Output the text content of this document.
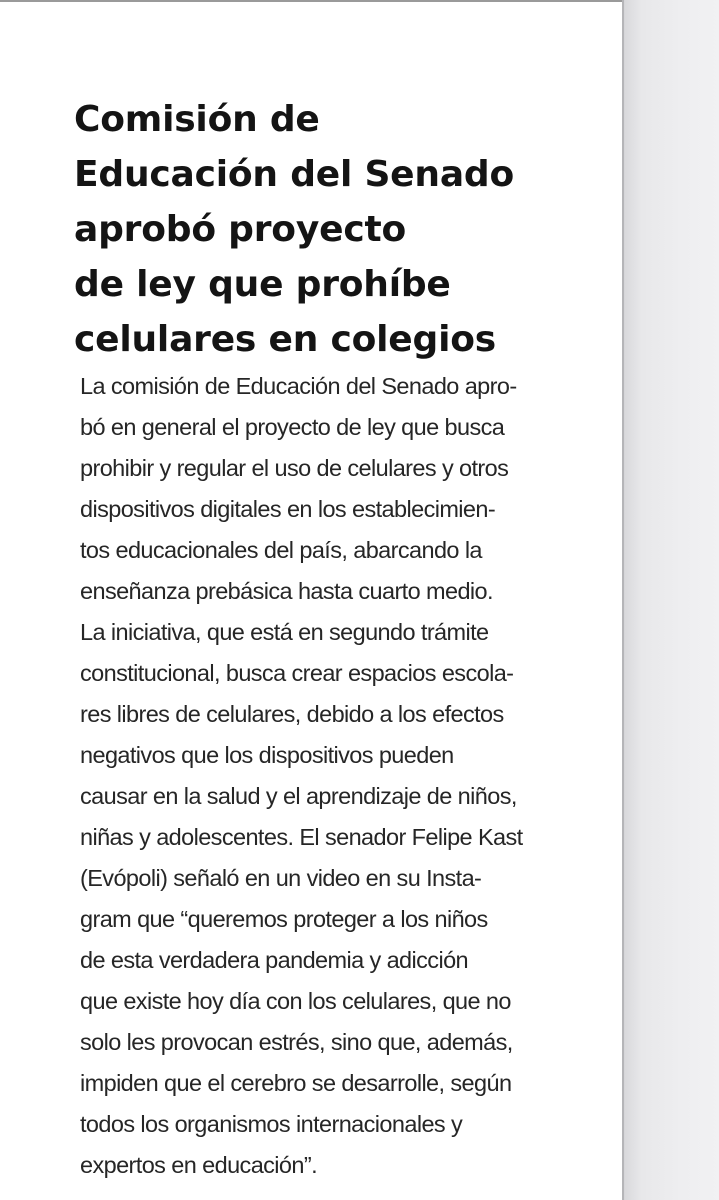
Comisión de
Educación del Senado
aprobó proyecto
de ley que prohíbe
celulares en colegios
La comisión de Educación del Senado apro-
bó en general el proyecto de ley que busca
prohibir y regular el uso de celulares y otros
dispositivos digitales en los establecimien-
tos educacionales del país, abarcando la
enseñanza prebásica hasta cuarto medio.
La iniciativa, que está en segundo trámite
constitucional, busca crear espacios escola-
res libres de celulares, debido a los efectos
negativos que los dispositivos pueden
causar en la salud y el aprendizaje de niños,
niñas y adolescentes. El senador Felipe Kast
(Evópoli) señaló en un video en su Insta-
gram que “queremos proteger a los niños
de esta verdadera pandemia y adicción
que existe hoy día con los celulares, que no
solo les provocan estrés, sino que, además,
impiden que el cerebro se desarrolle, según
todos los organismos internacionales y
expertos en educación”.
